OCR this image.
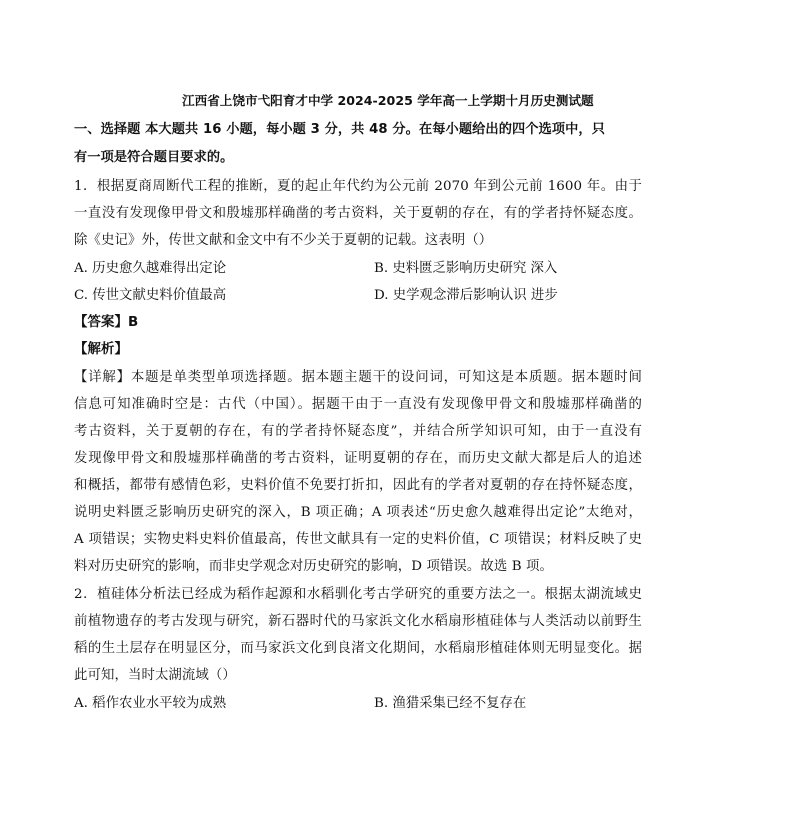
江西省上饶市弋阳育才中学 2024-2025 学年高一上学期十月历史测试题
一、选择题 本大题共 16 小题，每小题 3 分，共 48 分。在每小题给出的四个选项中，只
有一项是符合题目要求的。
1．根据夏商周断代工程的推断，夏的起止年代约为公元前 2070 年到公元前 1600 年。由于
一直没有发现像甲骨文和殷墟那样确凿的考古资料，关于夏朝的存在，有的学者持怀疑态度。
除《史记》外，传世文献和金文中有不少关于夏朝的记载。这表明（）
A. 历史愈久越难得出定论	B. 史料匮乏影响历史研究 深入
C. 传世文献史料价值最高	D. 史学观念滞后影响认识 进步
【答案】B
【解析】
【详解】本题是单类型单项选择题。据本题主题干的设问词，可知这是本质题。据本题时间
信息可知准确时空是：古代（中国）。据题干由于一直没有发现像甲骨文和殷墟那样确凿的
考古资料，关于夏朝的存在，有的学者持怀疑态度”，并结合所学知识可知，由于一直没有
发现像甲骨文和殷墟那样确凿的考古资料，证明夏朝的存在，而历史文献大都是后人的追述
和概括，都带有感情色彩，史料价值不免要打折扣，因此有的学者对夏朝的存在持怀疑态度，
说明史料匮乏影响历史研究的深入，B 项正确；A 项表述“历史愈久越难得出定论”太绝对，
A 项错误；实物史料史料价值最高，传世文献具有一定的史料价值，C 项错误；材料反映了史
料对历史研究的影响，而非史学观念对历史研究的影响，D 项错误。故选 B 项。
2．植硅体分析法已经成为稻作起源和水稻驯化考古学研究的重要方法之一。根据太湖流域史
前植物遗存的考古发现与研究，新石器时代的马家浜文化水稻扇形植硅体与人类活动以前野生
稻的生土层存在明显区分，而马家浜文化到良渚文化期间，水稻扇形植硅体则无明显变化。据
此可知，当时太湖流域（）
A. 稻作农业水平较为成熟	B. 渔猎采集已经不复存在
